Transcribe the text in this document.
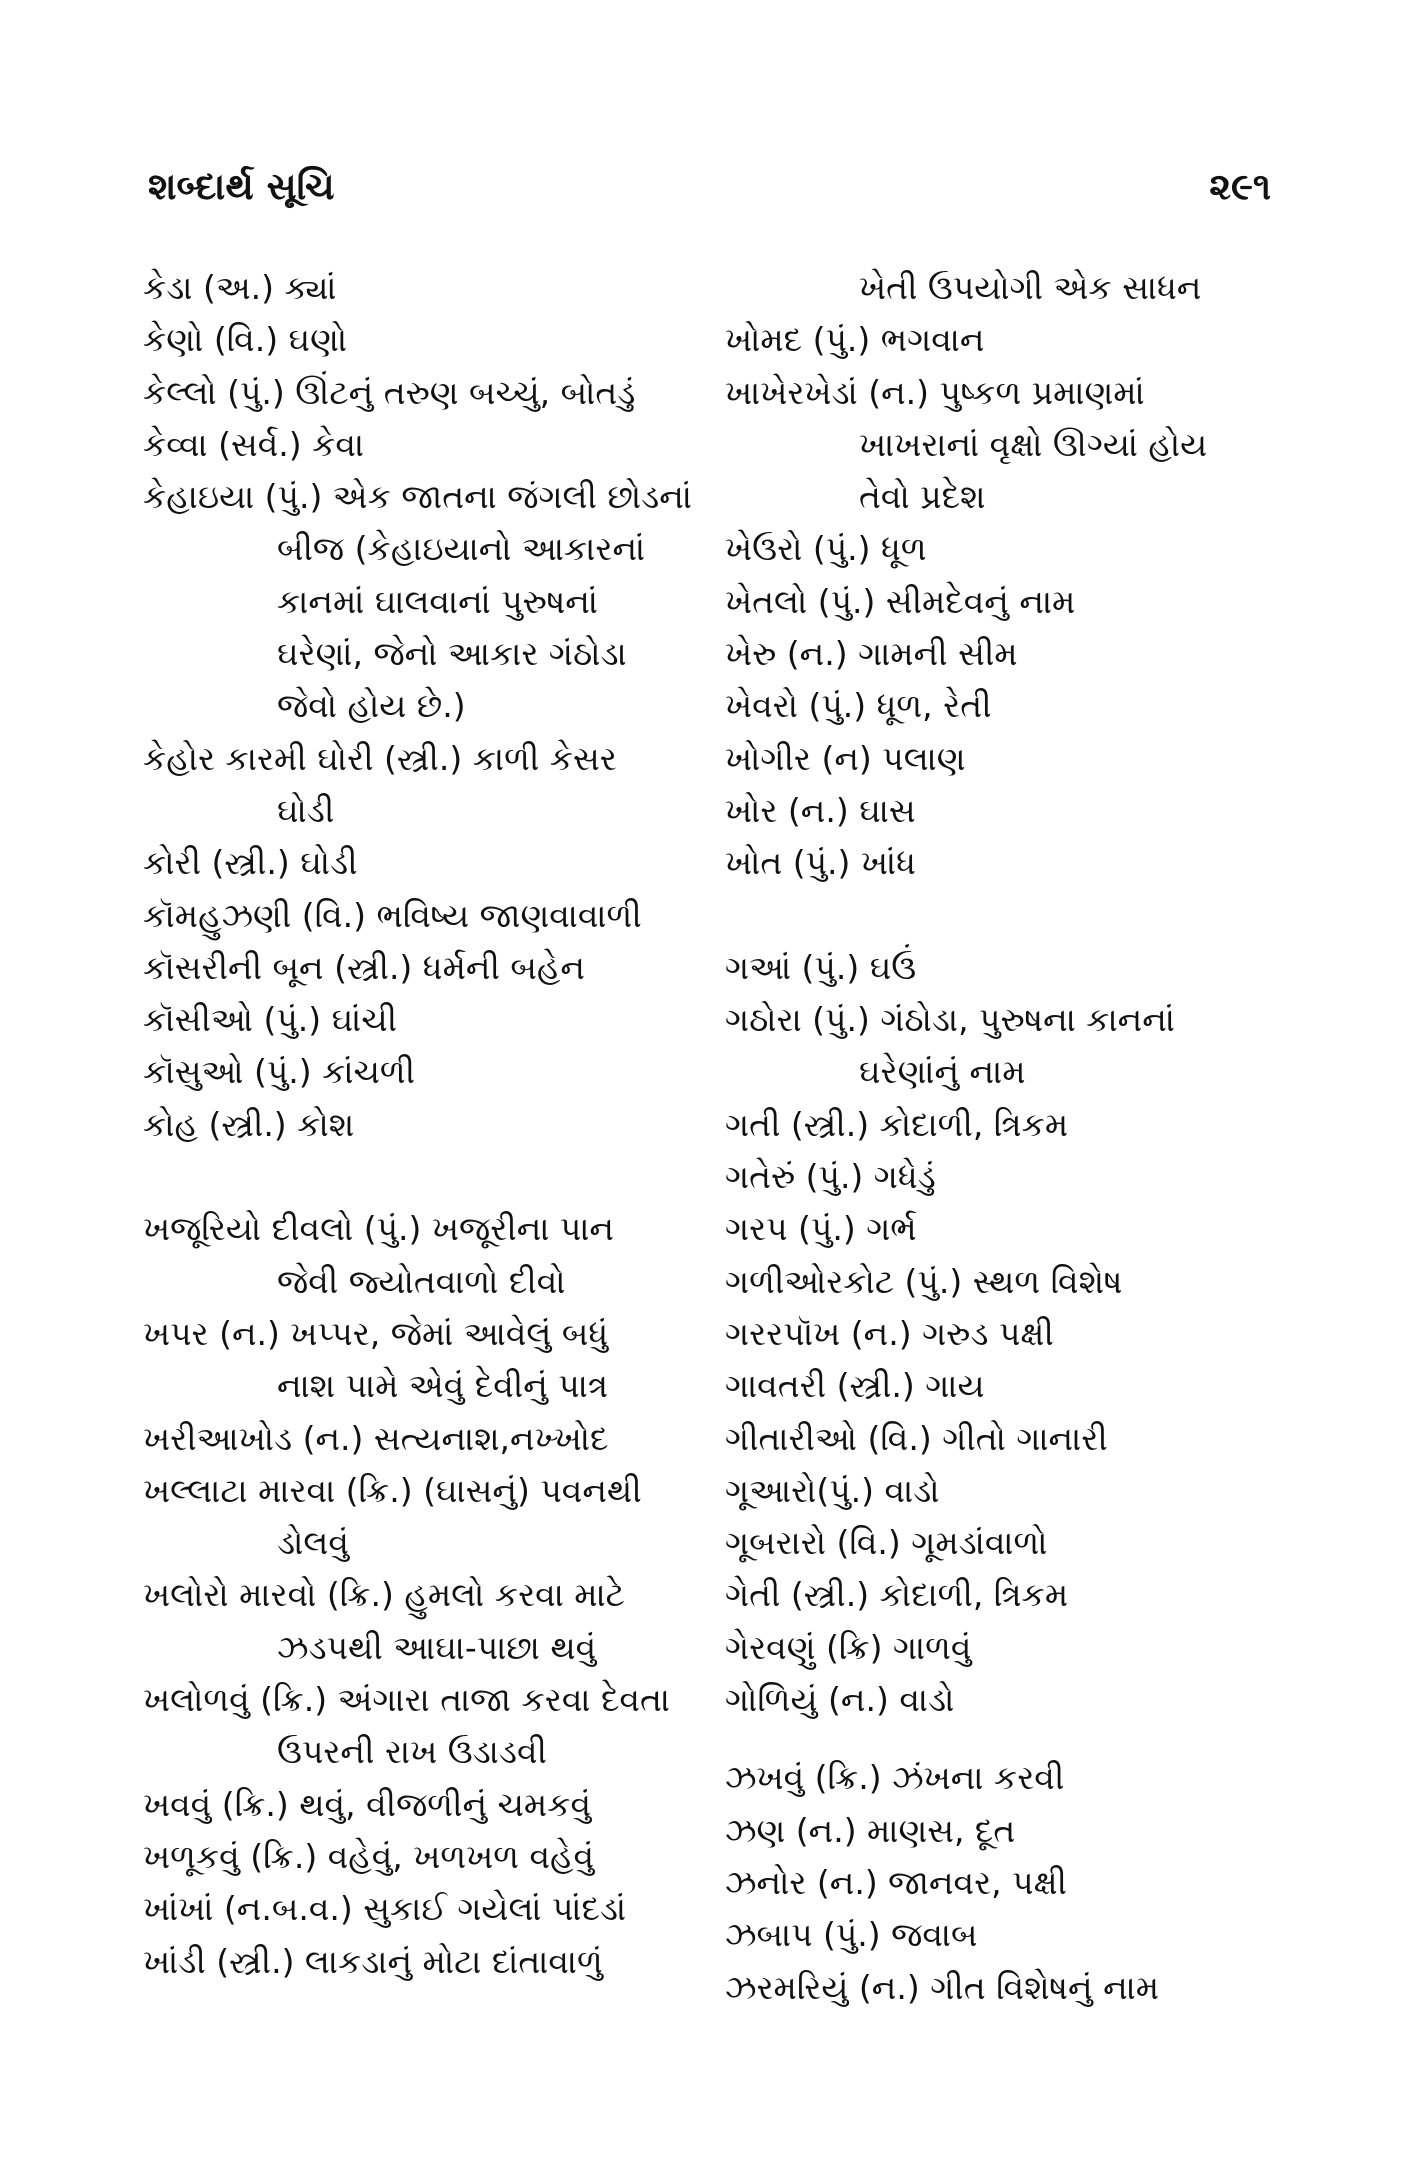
શબ્દાર્થ સૂચિ	૨૯૧
કેડા (અ.) ક્યાં
કેણો (વિ.) ઘણો
કેલ્લો (પું.) ઊંટનું તરુણ બચ્ચું, બોતડું
કેવ્વા (સર્વ.) કેવા
કેહાઇયા (પું.) એક જાતના જંગલી છોડનાં
બીજ (કેહાઇયાનો આકારનાં
કાનમાં ઘાલવાનાં પુરુષનાં
ઘરેણાં, જેનો આકાર ગંઠોડા
જેવો હોય છે.)
કેહોર કારમી ઘોરી (સ્ત્રી.) કાળી કેસર
ઘોડી
કોરી (સ્ત્રી.) ઘોડી
કૉમહુઝણી (વિ.) ભવિષ્ય જાણવાવાળી
કૉસરીની બૂન (સ્ત્રી.) ધર્મની બહેન
કૉસીઓ (પું.) ઘાંચી
કૉસુઓ (પું.) કાંચળી
કોહ (સ્ત્રી.) કોશ
ખજૂરિયો દીવલો (પું.) ખજૂરીના પાન
જેવી જ્યોતવાળો દીવો
ખપર (ન.) ખપ્પર, જેમાં આવેલું બધું
નાશ પામે એવું દેવીનું પાત્ર
ખરીઆખોડ (ન.) સત્યનાશ,નખ્ખોદ
ખલ્લાટા મારવા (ક્રિ.) (ઘાસનું) પવનથી
ડોલવું
ખલોરો મારવો (ક્રિ.) હુમલો કરવા માટે
ઝડપથી આઘા-પાછા થવું
ખલોળવું (ક્રિ.) અંગારા તાજા કરવા દેવતા
ઉપરની રાખ ઉડાડવી
ખવવું (ક્રિ.) થવું, વીજળીનું ચમકવું
ખળૂકવું (ક્રિ.) વહેવું, ખળખળ વહેવું
ખાંખાં (ન.બ.વ.) સુકાઈ ગયેલાં પાંદડાં
ખાંડી (સ્ત્રી.) લાકડાનું મોટા દાંતાવાળું
ખેતી ઉપયોગી એક સાધન
ખોમદ (પું.) ભગવાન
ખાખેરખેડાં (ન.) પુષ્કળ પ્રમાણમાં
ખાખરાનાં વૃક્ષો ઊગ્યાં હોય
તેવો પ્રદેશ
ખેઉરો (પું.) ધૂળ
ખેતલો (પું.) સીમદેવનું નામ
ખેરુ (ન.) ગામની સીમ
ખેવરો (પું.) ધૂળ, રેતી
ખોગીર (ન) પલાણ
ખોર (ન.) ઘાસ
ખોત (પું.) ખાંધ
ગઆં (પું.) ઘઉં
ગઠોરા (પું.) ગંઠોડા, પુરુષના કાનનાં
ઘરેણાંનું નામ
ગતી (સ્ત્રી.) કોદાળી, ત્રિકમ
ગતેરું (પું.) ગધેડું
ગરપ (પું.) ગર્ભ
ગળીઓરકોટ (પું.) સ્થળ વિશેષ
ગરરપૉખ (ન.) ગરુડ પક્ષી
ગાવતરી (સ્ત્રી.) ગાય
ગીતારીઓ (વિ.) ગીતો ગાનારી
ગૂઆરો(પું.) વાડો
ગૂબરારો (વિ.) ગૂમડાંવાળો
ગેતી (સ્ત્રી.) કોદાળી, ત્રિકમ
ગેરવણું (ક્રિ) ગાળવું
ગોળિયું (ન.) વાડો
ઝખવું (ક્રિ.) ઝંખના કરવી
ઝણ (ન.) માણસ, દૂત
ઝનોર (ન.) જાનવર, પક્ષી
ઝબાપ (પું.) જવાબ
ઝરમરિયું (ન.) ગીત વિશેષનું નામ
